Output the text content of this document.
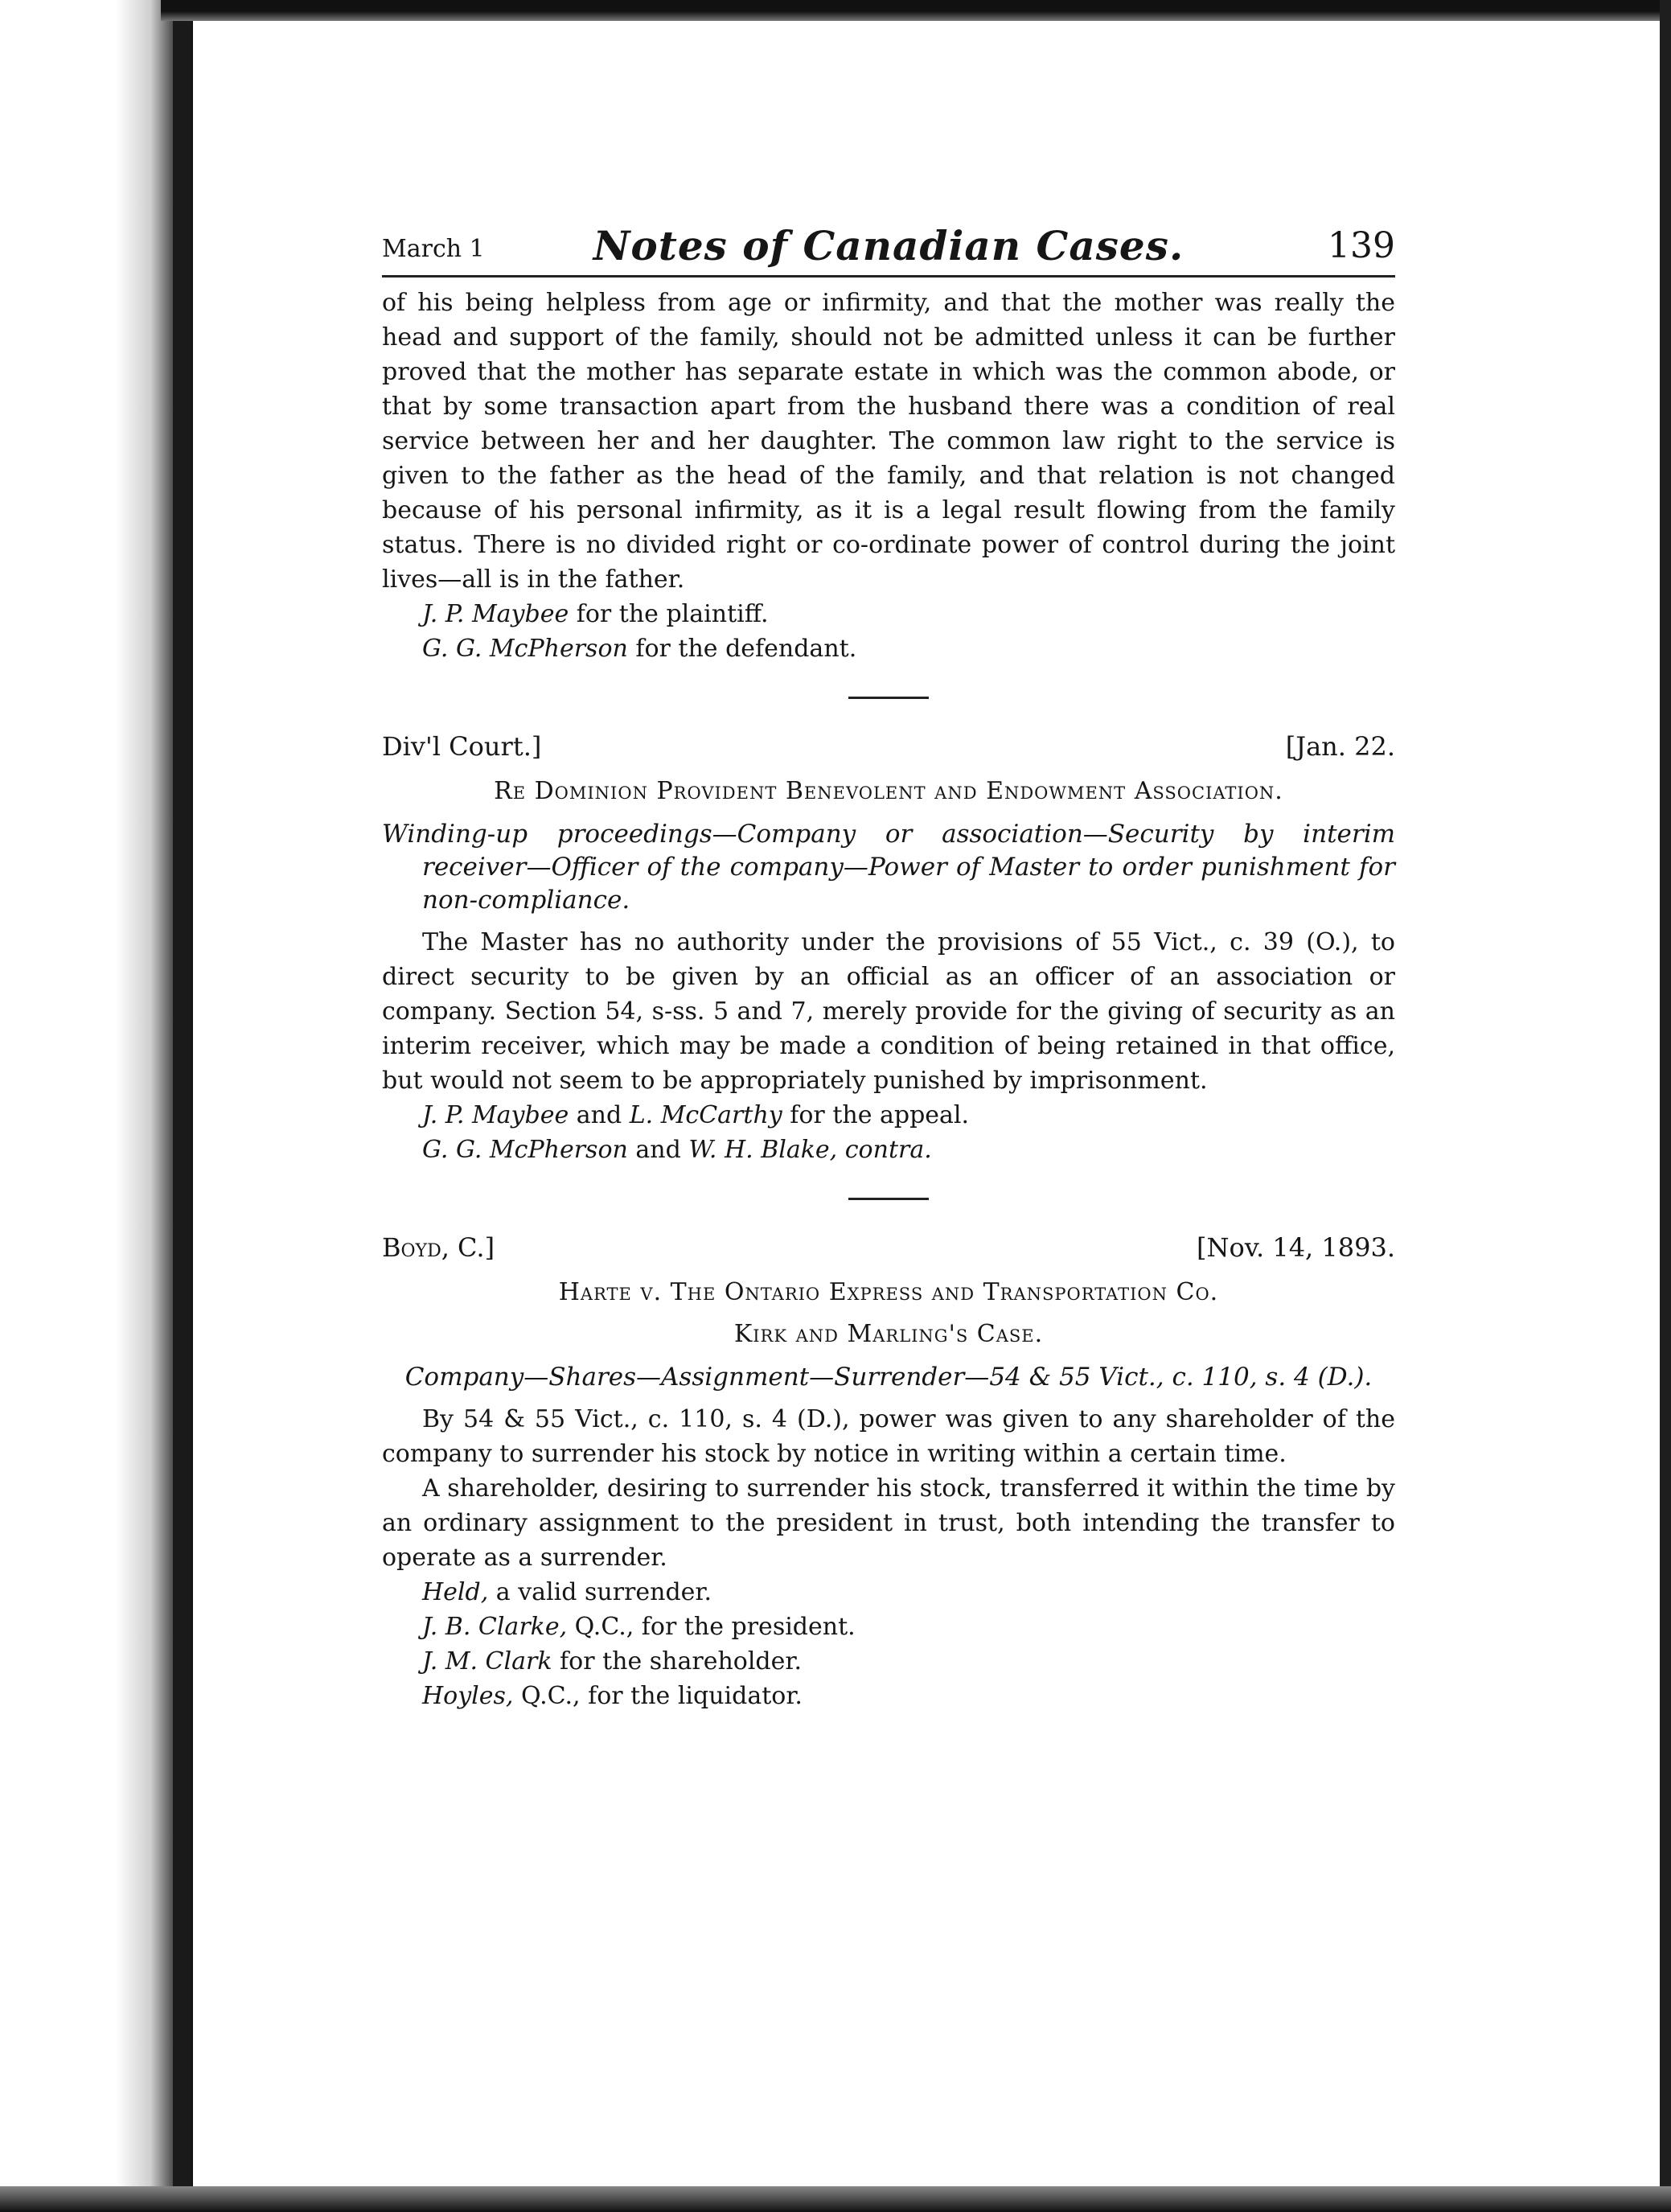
March 1	Notes of Canadian Cases.	139

of his being helpless from age or infirmity, and that the mother was really the head and support of the family, should not be admitted unless it can be further proved that the mother has separate estate in which was the common abode, or that by some transaction apart from the husband there was a condition of real service between her and her daughter. The common law right to the service is given to the father as the head of the family, and that relation is not changed because of his personal infirmity, as it is a legal result flowing from the family status. There is no divided right or co-ordinate power of control during the joint lives—all is in the father.

J. P. Maybee for the plaintiff.

G. G. McPherson for the defendant.

Div'l Court.]	[Jan. 22.
Re Dominion Provident Benevolent and Endowment Association.
Winding-up proceedings—Company or association—Security by interim receiver—Officer of the company—Power of Master to order punishment for non-compliance.

The Master has no authority under the provisions of 55 Vict., c. 39 (O.), to direct security to be given by an official as an officer of an association or company. Section 54, s-ss. 5 and 7, merely provide for the giving of security as an interim receiver, which may be made a condition of being retained in that office, but would not seem to be appropriately punished by imprisonment.

J. P. Maybee and L. McCarthy for the appeal.

G. G. McPherson and W. H. Blake, contra.

Boyd, C.]	[Nov. 14, 1893.
Harte v. The Ontario Express and Transportation Co.
Kirk and Marling's Case.
Company—Shares—Assignment—Surrender—54 & 55 Vict., c. 110, s. 4 (D.).

By 54 & 55 Vict., c. 110, s. 4 (D.), power was given to any shareholder of the company to surrender his stock by notice in writing within a certain time.

A shareholder, desiring to surrender his stock, transferred it within the time by an ordinary assignment to the president in trust, both intending the transfer to operate as a surrender.

Held, a valid surrender.

J. B. Clarke, Q.C., for the president.

J. M. Clark for the shareholder.

Hoyles, Q.C., for the liquidator.
